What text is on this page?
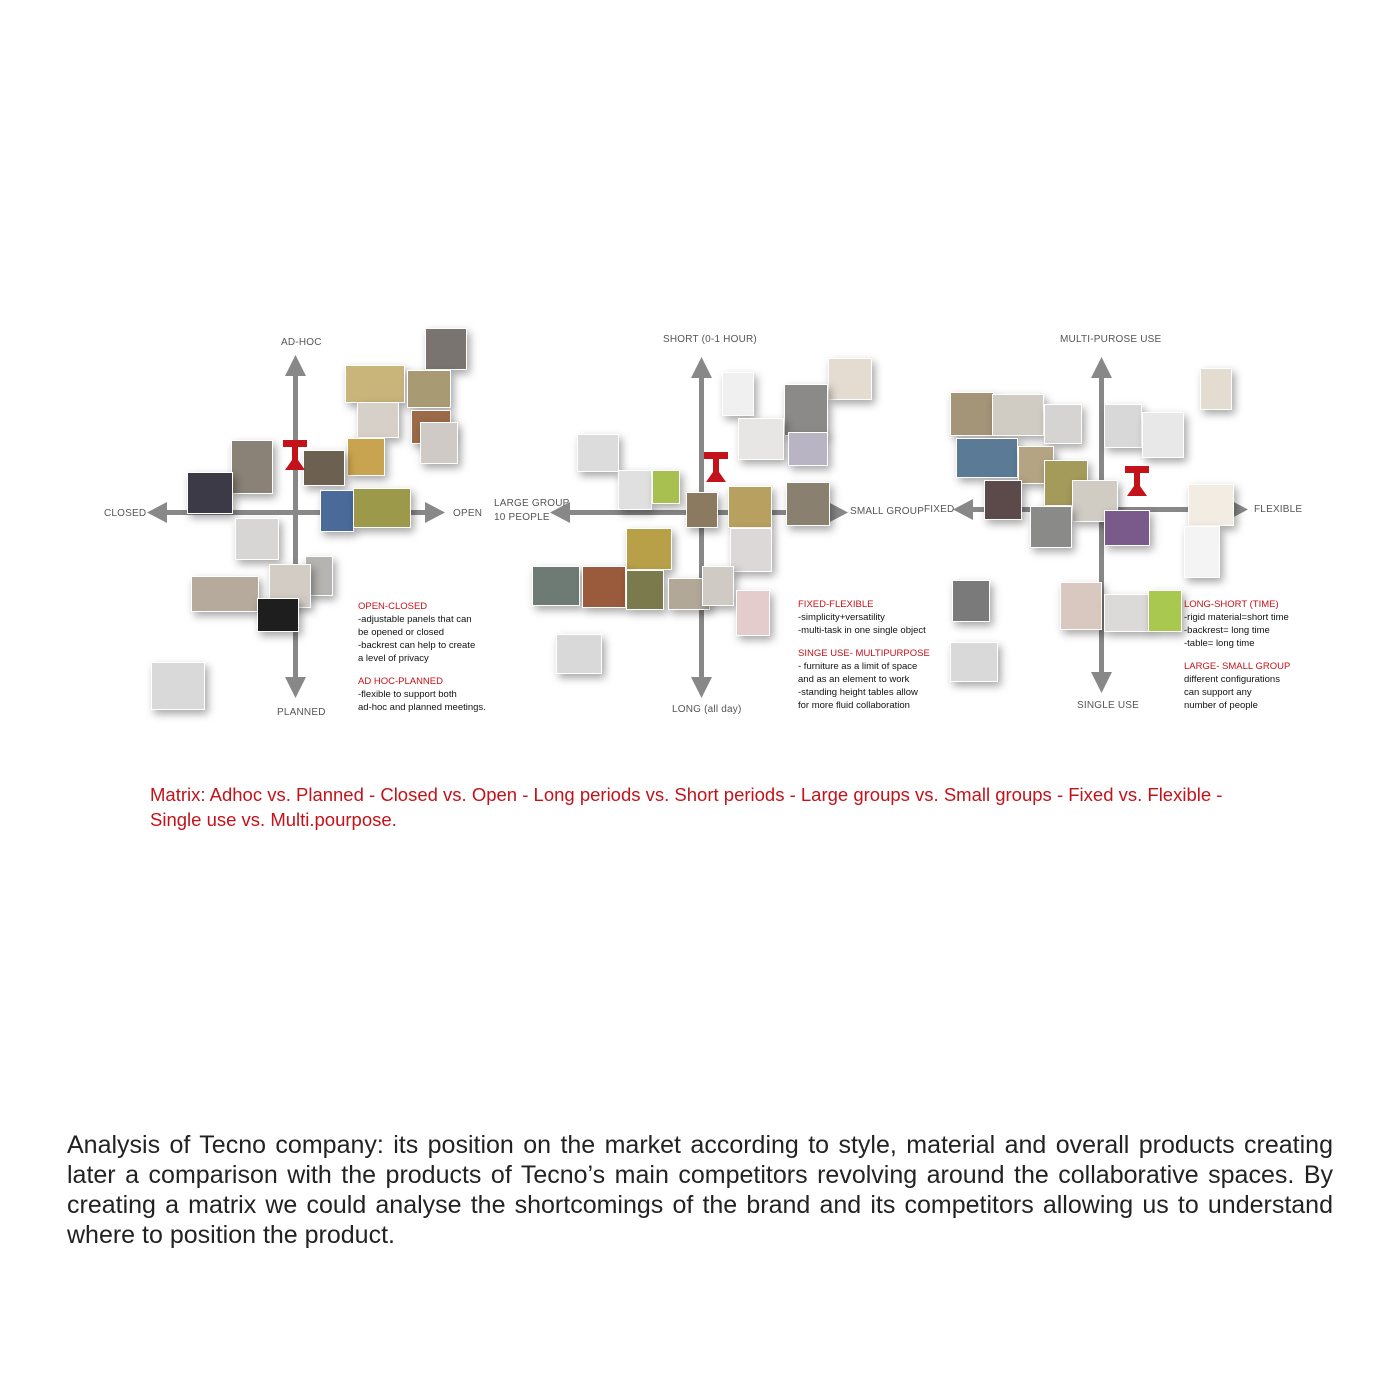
AD-HOC
PLANNED
CLOSED	OPEN

OPEN-CLOSED

-adjustable panels that can

be opened or closed

-backrest can help to create

a level of privacy

AD HOC-PLANNED

-flexible to support both

ad-hoc and planned meetings.

SHORT (0-1 HOUR)
LONG (all day)
LARGE GROUP
10 PEOPLE
SMALL GROUP

FIXED-FLEXIBLE

-simplicity+versatility

-multi-task in one single object

SINGE USE- MULTIPURPOSE

- furniture as a limit of space

and as an element to work

-standing height tables allow

for more fluid collaboration

MULTI-PUROSE USE
SINGLE USE
FIXED	FLEXIBLE

LONG-SHORT (TIME)

-rigid material=short time

-backrest= long time

-table= long time

LARGE- SMALL GROUP

different configurations

can support any

number of people

Matrix: Adhoc vs. Planned - Closed vs. Open - Long periods vs. Short periods - Large groups vs. Small groups - Fixed vs. Flexible - Single use vs. Multi.pourpose.
Analysis of Tecno company: its position on the market according to style, material and overall products creating later a comparison with the products of Tecno’s main competitors revolving around the collaborative spaces. By creating a matrix we could analyse the shortcomings of the brand and its competitors allowing us to understand where to position the product.
